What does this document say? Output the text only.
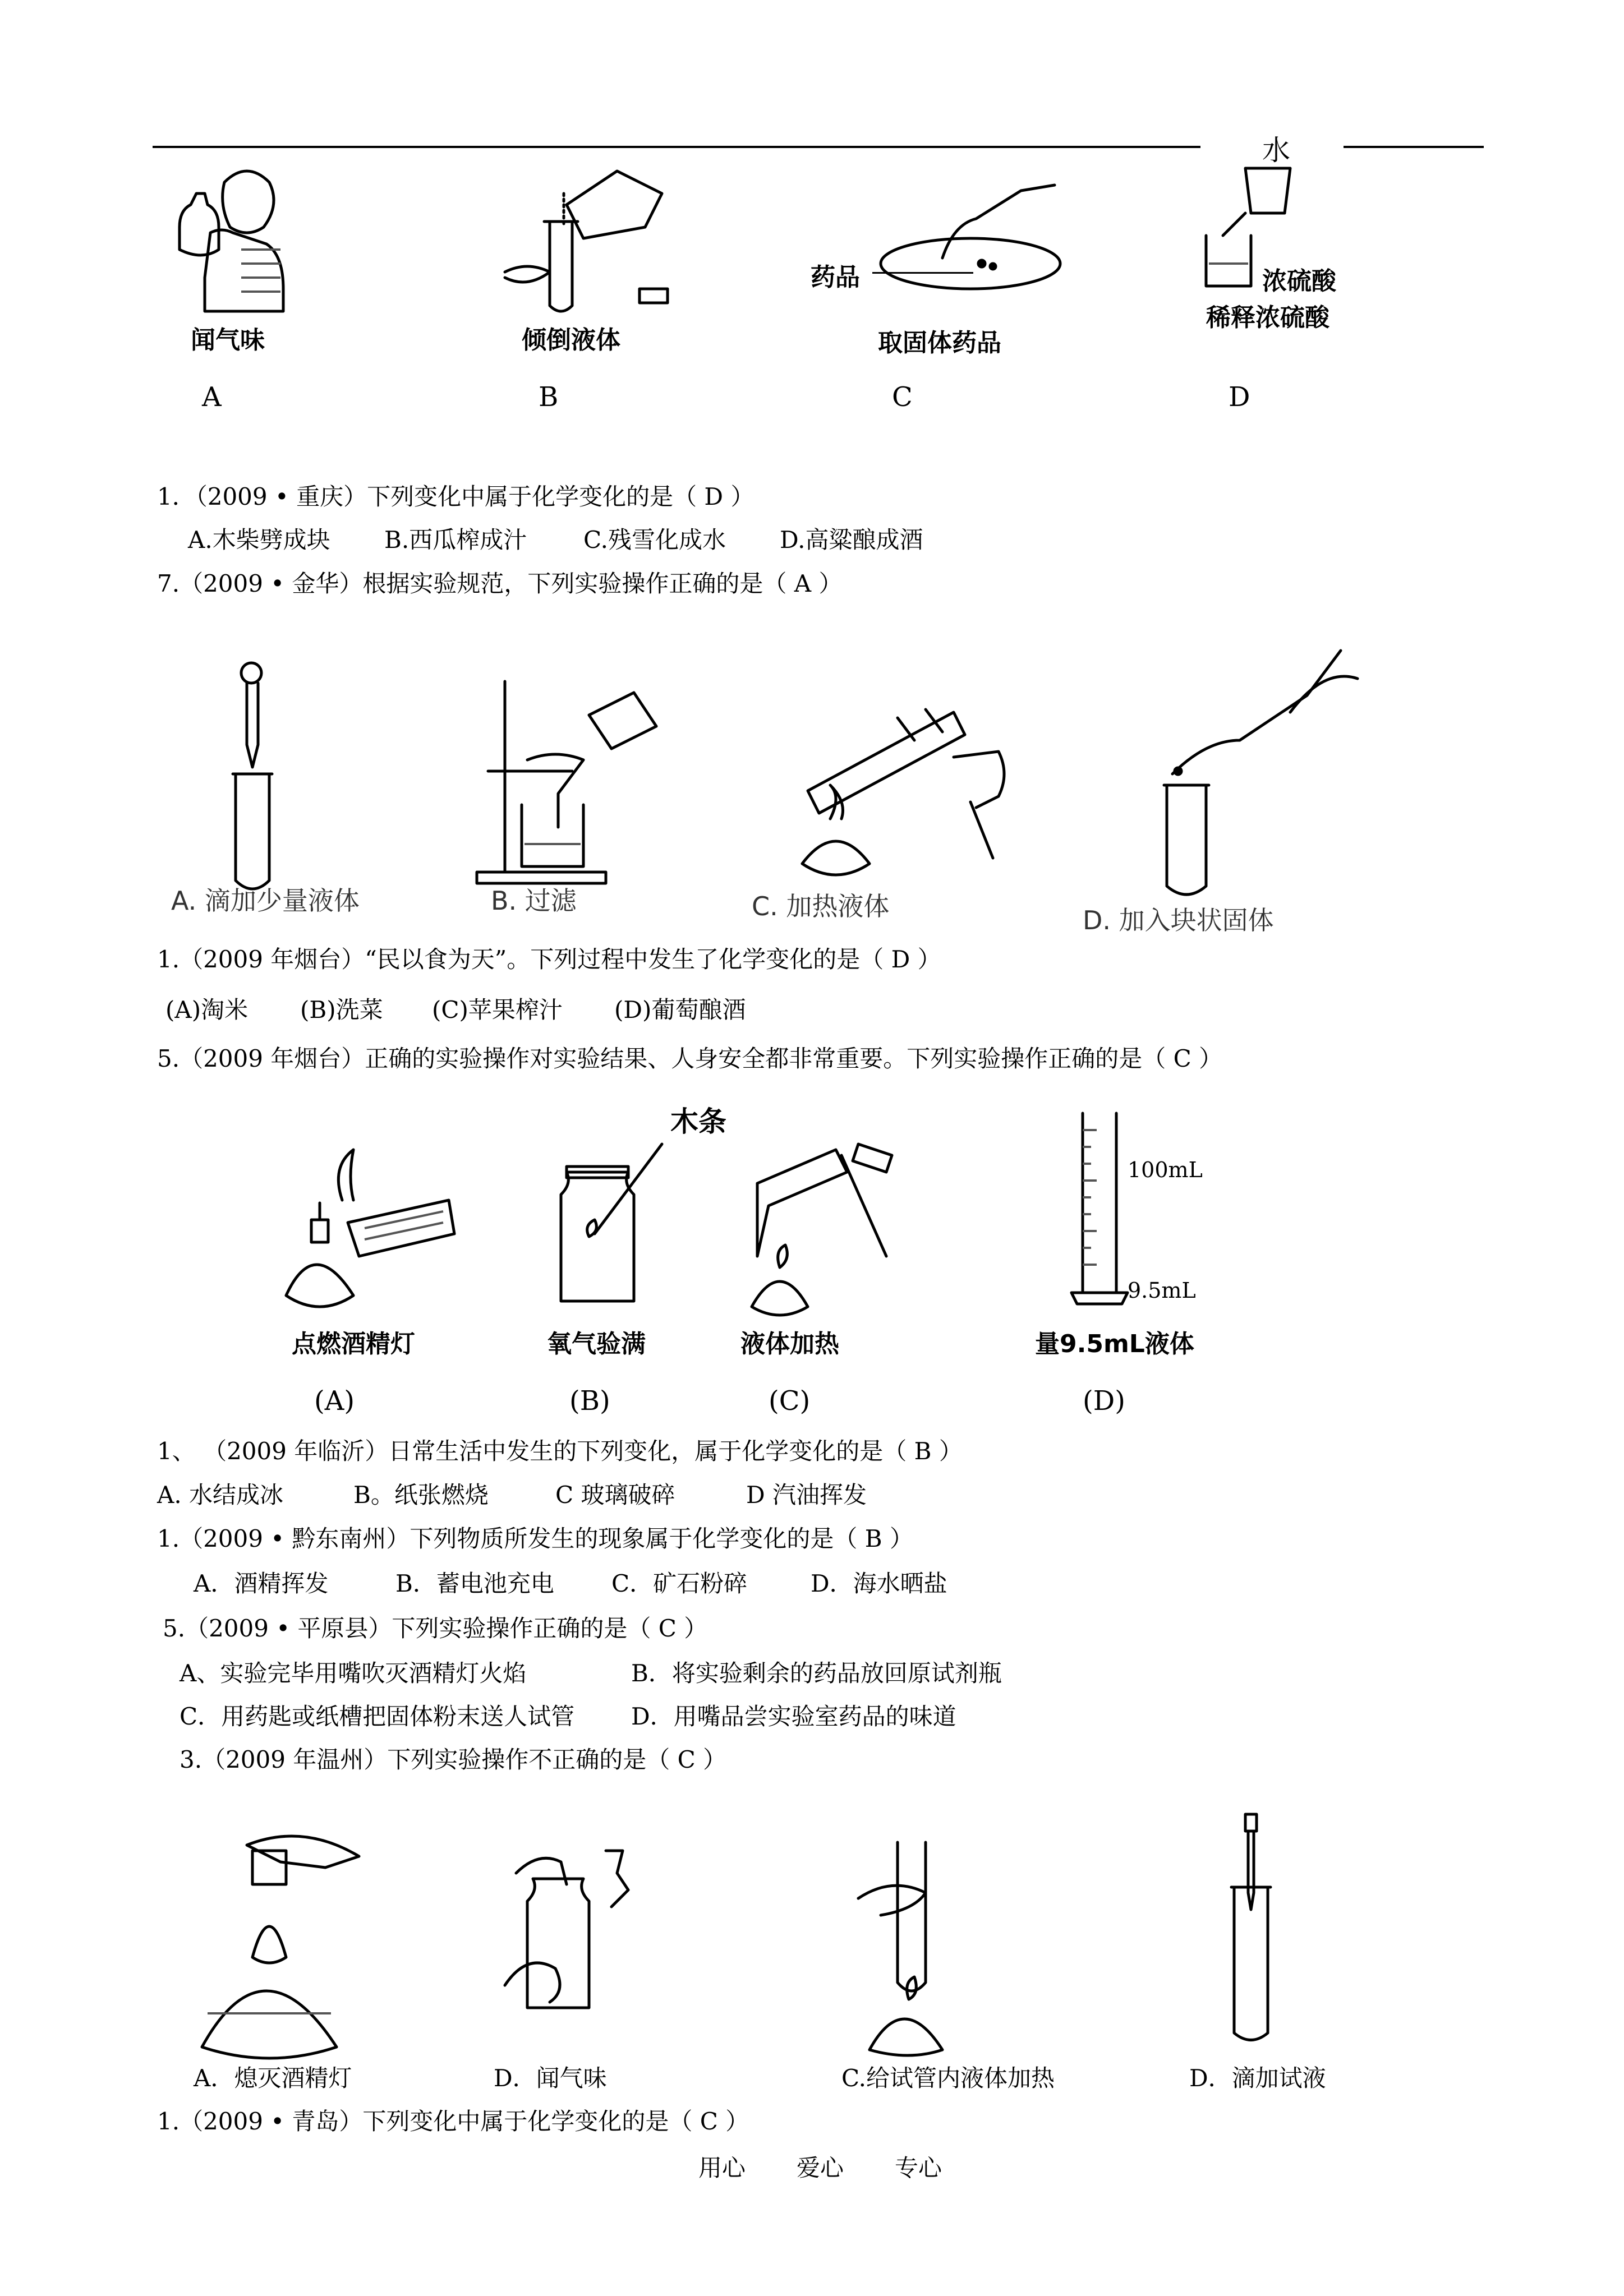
水
闻气味
A
倾倒液体
B
药品
取固体药品
C
浓硫酸
稀释浓硫酸
D
1．（2009 • 重庆）下列变化中属于化学变化的是（ D ）
A.木柴劈成块 B.西瓜榨成汁 C.残雪化成水 D.高粱酿成酒
7.（2009 • 金华）根据实验规范，下列实验操作正确的是（ A ）
A. 滴加少量液体	B. 过滤	C. 加热液体	D. 加入块状固体
1.（2009 年烟台）“民以食为天”。下列过程中发生了化学变化的是（ D ）
(A)淘米 (B)洗菜 (C)苹果榨汁 (D)葡萄酿酒
5.（2009 年烟台）正确的实验操作对实验结果、人身安全都非常重要。下列实验操作正确的是（ C ）
点燃酒精灯
(A)
木条
氧气验满
(B)
液体加热
(C)
100mL
9.5mL
量9.5mL液体
(D)
1、 （2009 年临沂）日常生活中发生的下列变化，属于化学变化的是（ B ）
A. 水结成冰	B。纸张燃烧	C 玻璃破碎	D 汽油挥发
1.（2009 • 黔东南州）下列物质所发生的现象属于化学变化的是（ B ）
A．酒精挥发	B．蓄电池充电 C．矿石粉碎	D．海水晒盐
5.（2009 • 平原县）下列实验操作正确的是（ C ）
A、实验完毕用嘴吹灭酒精灯火焰	B．将实验剩余的药品放回原试剂瓶
C．用药匙或纸槽把固体粉末送人试管 D．用嘴品尝实验室药品的味道
3.（2009 年温州）下列实验操作不正确的是（ C ）
A．熄灭酒精灯	D．闻气味	C.给试管内液体加热	D．滴加试液
1.（2009 • 青岛）下列变化中属于化学变化的是（ C ）
用心 爱心 专心
